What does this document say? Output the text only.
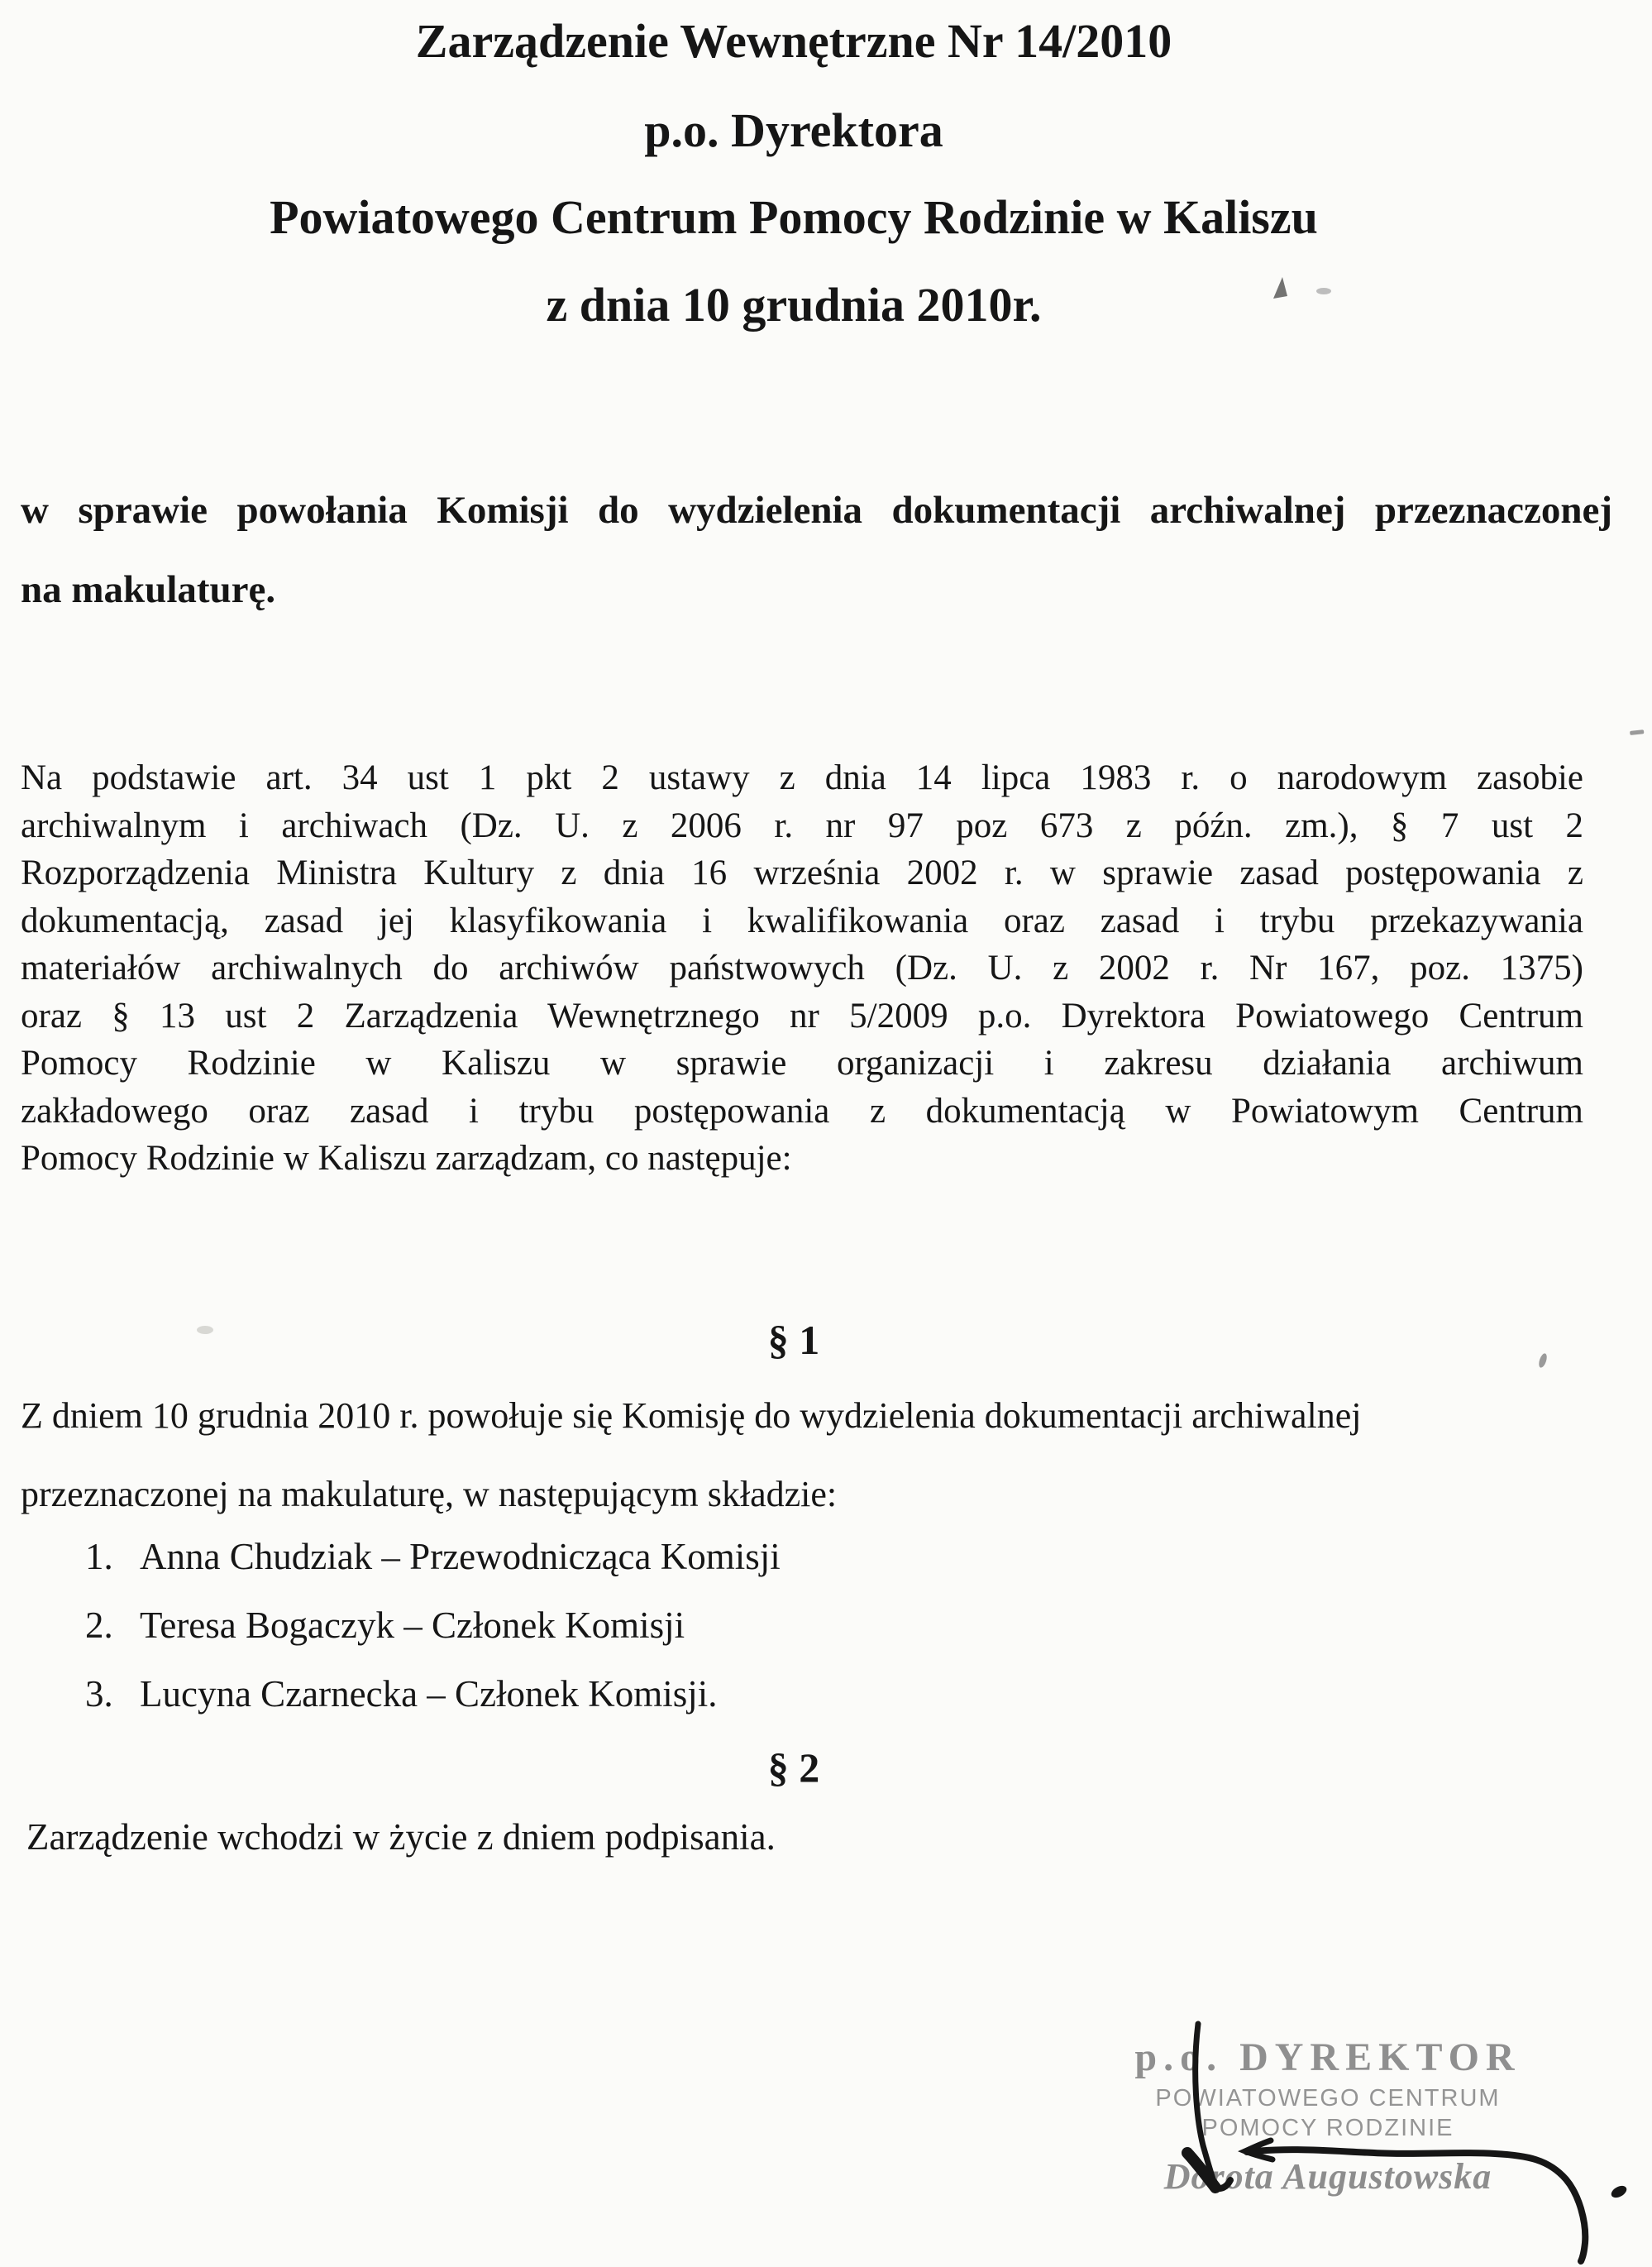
Zarządzenie Wewnętrzne Nr 14/2010
p.o. Dyrektora
Powiatowego Centrum Pomocy Rodzinie w Kaliszu
z dnia 10 grudnia 2010r.
w sprawie powołania Komisji do wydzielenia dokumentacji archiwalnej przeznaczonej
na makulaturę.
Na podstawie art. 34 ust 1 pkt 2 ustawy z dnia 14 lipca 1983 r. o narodowym zasobie
archiwalnym i archiwach (Dz. U. z 2006 r. nr 97 poz 673 z późn. zm.), § 7 ust 2
Rozporządzenia Ministra Kultury z dnia 16 września 2002 r. w sprawie zasad postępowania z
dokumentacją, zasad jej klasyfikowania i kwalifikowania oraz zasad i trybu przekazywania
materiałów archiwalnych do archiwów państwowych (Dz. U. z 2002 r. Nr 167, poz. 1375)
oraz § 13 ust 2 Zarządzenia Wewnętrznego nr 5/2009 p.o. Dyrektora Powiatowego Centrum
Pomocy Rodzinie w Kaliszu w sprawie organizacji i zakresu działania archiwum
zakładowego oraz zasad i trybu postępowania z dokumentacją w Powiatowym Centrum
Pomocy Rodzinie w Kaliszu zarządzam, co następuje:
§ 1
Z dniem 10 grudnia 2010 r. powołuje się Komisję do wydzielenia dokumentacji archiwalnej
przeznaczonej na makulaturę, w następującym składzie:
1. Anna Chudziak – Przewodnicząca Komisji
2. Teresa Bogaczyk – Członek Komisji
3. Lucyna Czarnecka – Członek Komisji.
§ 2
Zarządzenie wchodzi w życie z dniem podpisania.
p.o. DYREKTOR
POWIATOWEGO CENTRUM
POMOCY RODZINIE
Dorota Augustowska
